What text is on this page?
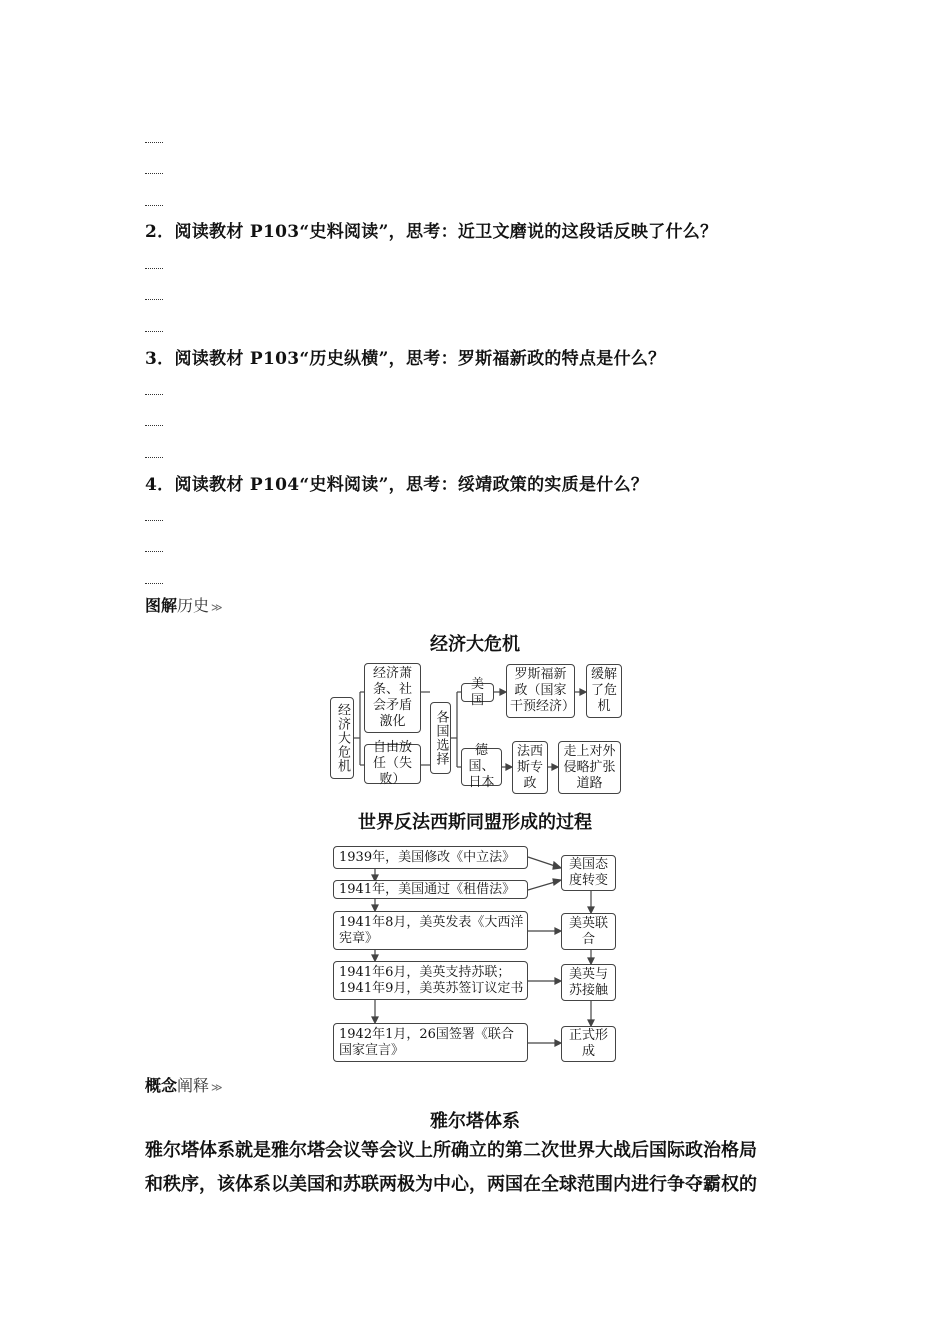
2．阅读教材 P103“史料阅读”，思考：近卫文磨说的这段话反映了什么？
3．阅读教材 P103“历史纵横”，思考：罗斯福新政的特点是什么？
4．阅读教材 P104“史料阅读”，思考：绥靖政策的实质是什么？
图解历史 ≫
经济大危机
经济大危机
经济萧条、社会矛盾激化
自由放任（失败）
各国选择
美国
德国、日本
罗斯福新政（国家干预经济）
法西斯专政
缓解了危机
走上对外侵略扩张道路
世界反法西斯同盟形成的过程
1939年，美国修改《中立法》
1941年，美国通过《租借法》
1941年8月，美英发表《大西洋宪章》
1941年6月，美英支持苏联；1941年9月，美英苏签订议定书
1942年1月，26国签署《联合国家宣言》
美国态度转变
美英联合
美英与苏接触
正式形成
概念阐释 ≫
雅尔塔体系
雅尔塔体系就是雅尔塔会议等会议上所确立的第二次世界大战后国际政治格局
和秩序，该体系以美国和苏联两极为中心，两国在全球范围内进行争夺霸权的
